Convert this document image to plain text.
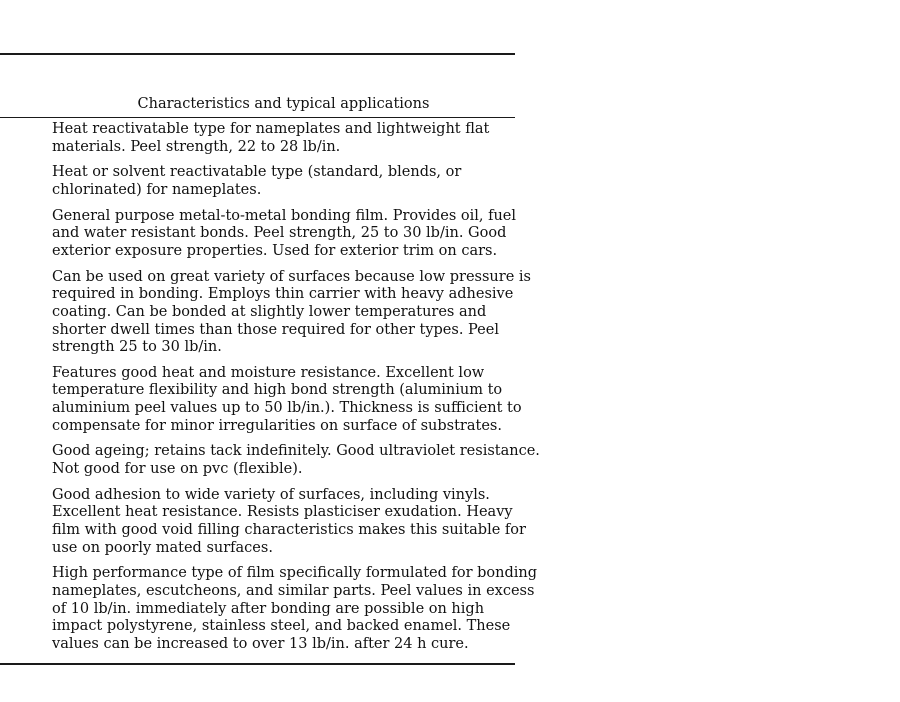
Characteristics and typical applications
Heat reactivatable type for nameplates and lightweight flat
materials. Peel strength, 22 to 28 lb/in.
Heat or solvent reactivatable type (standard, blends, or
chlorinated) for nameplates.
General purpose metal-to-metal bonding film. Provides oil, fuel
and water resistant bonds. Peel strength, 25 to 30 lb/in. Good
exterior exposure properties. Used for exterior trim on cars.
Can be used on great variety of surfaces because low pressure is
required in bonding. Employs thin carrier with heavy adhesive
coating. Can be bonded at slightly lower temperatures and
shorter dwell times than those required for other types. Peel
strength 25 to 30 lb/in.
Features good heat and moisture resistance. Excellent low
temperature flexibility and high bond strength (aluminium to
aluminium peel values up to 50 lb/in.). Thickness is sufficient to
compensate for minor irregularities on surface of substrates.
Good ageing; retains tack indefinitely. Good ultraviolet resistance.
Not good for use on pvc (flexible).
Good adhesion to wide variety of surfaces, including vinyls.
Excellent heat resistance. Resists plasticiser exudation. Heavy
film with good void filling characteristics makes this suitable for
use on poorly mated surfaces.
High performance type of film specifically formulated for bonding
nameplates, escutcheons, and similar parts. Peel values in excess
of 10 lb/in. immediately after bonding are possible on high
impact polystyrene, stainless steel, and backed enamel. These
values can be increased to over 13 lb/in. after 24 h cure.
